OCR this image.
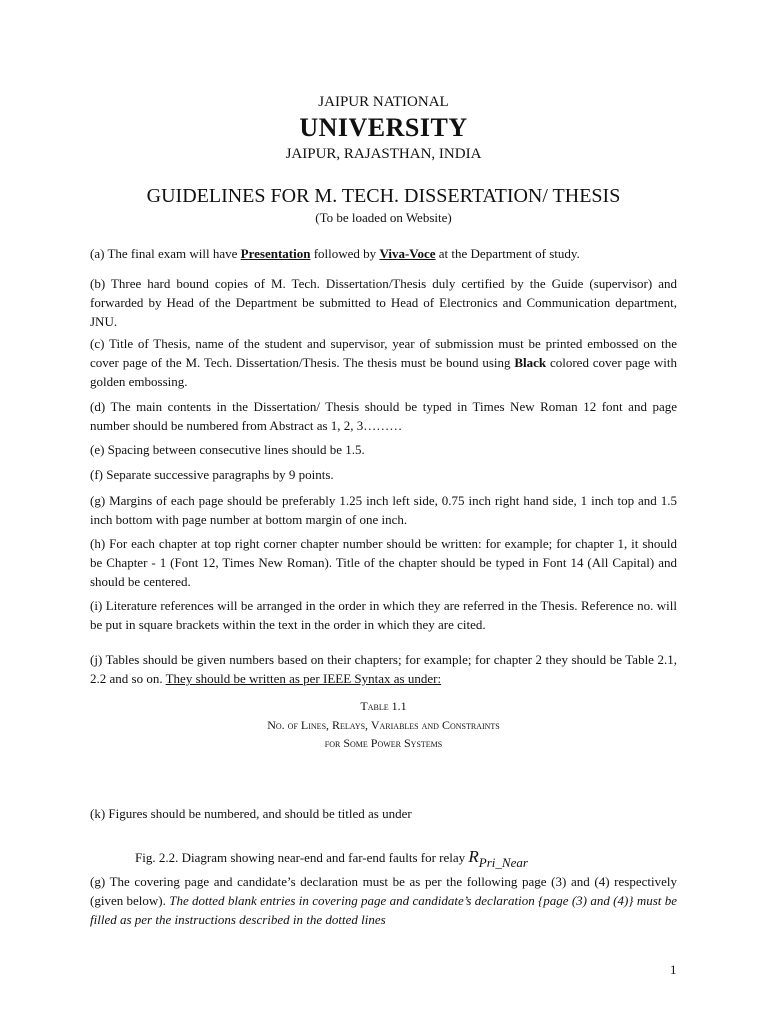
JAIPUR NATIONAL
UNIVERSITY
JAIPUR, RAJASTHAN, INDIA
GUIDELINES FOR M. TECH. DISSERTATION/ THESIS
(To be loaded on Website)

(a) The final exam will have Presentation followed by Viva-Voce at the Department of study.

(b) Three hard bound copies of M. Tech. Dissertation/Thesis duly certified by the Guide (supervisor) and forwarded by Head of the Department be submitted to Head of Electronics and Communication department, JNU.

(c) Title of Thesis, name of the student and supervisor, year of submission must be printed embossed on the cover page of the M. Tech. Dissertation/Thesis. The thesis must be bound using Black colored cover page with golden embossing.

(d) The main contents in the Dissertation/ Thesis should be typed in Times New Roman 12 font and page number should be numbered from Abstract as 1, 2, 3………

(e) Spacing between consecutive lines should be 1.5.

(f) Separate successive paragraphs by 9 points.

(g) Margins of each page should be preferably 1.25 inch left side, 0.75 inch right hand side, 1 inch top and 1.5 inch bottom with page number at bottom margin of one inch.

(h) For each chapter at top right corner chapter number should be written: for example; for chapter 1, it should be Chapter - 1 (Font 12, Times New Roman). Title of the chapter should be typed in Font 14 (All Capital) and should be centered.

(i) Literature references will be arranged in the order in which they are referred in the Thesis. Reference no. will be put in square brackets within the text in the order in which they are cited.

(j) Tables should be given numbers based on their chapters; for example; for chapter 2 they should be Table 2.1, 2.2 and so on. They should be written as per IEEE Syntax as under:

Table 1.1
No. of Lines, Relays, Variables and Constraints
for Some Power Systems

(k) Figures should be numbered, and should be titled as under

Fig. 2.2. Diagram showing near-end and far-end faults for relay RPri_Near

(g) The covering page and candidate’s declaration must be as per the following page (3) and (4) respectively (given below). The dotted blank entries in covering page and candidate’s declaration {page (3) and (4)} must be filled as per the instructions described in the dotted lines

1
